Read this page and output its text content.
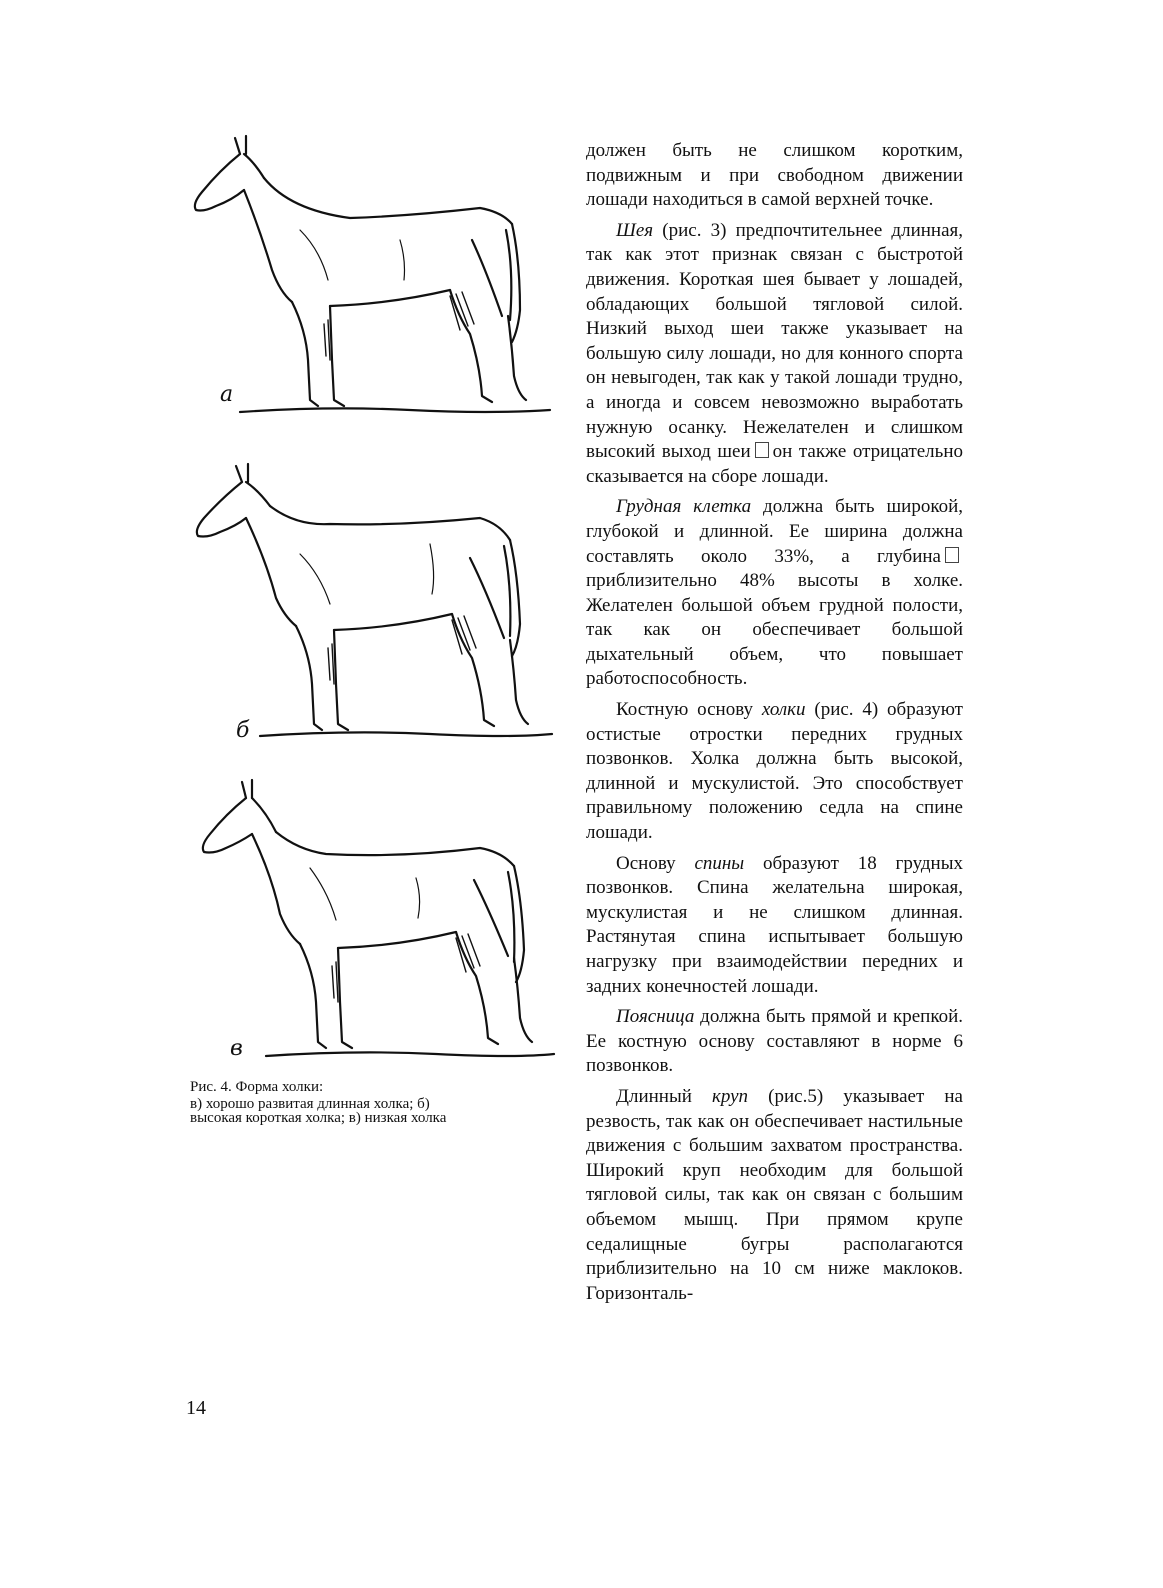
a
б
в
Рис. 4. Форма холки:
в) хорошо развитая длинная холка; б)
высокая короткая холка; в) низкая холка

должен быть не слишком коротким, подвижным и при свободном движении лошади находиться в самой верхней точке.

Шея (рис. 3) предпочтительнее длинная, так как этот признак связан с быстротой движения. Короткая шея бывает у лошадей, обладающих большой тягловой силой. Низкий выход шеи также указывает на большую силу лошади, но для конного спорта он невыгоден, так как у такой лошади трудно, а иногда и совсем невозможно выработать нужную осанку. Нежелателен и слишком высокий выход шеи он также отрицательно сказывается на сборе лошади.

Грудная клетка должна быть широкой, глубокой и длинной. Ее ширина должна составлять около 33%, а глубинаприблизительно 48% высоты в холке. Желателен большой объем грудной полости, так как он обеспечивает большой дыхательный объем, что повышает работоспособность.

Костную основу холки (рис. 4) образуют остистые отростки передних грудных позвонков. Холка должна быть высокой, длинной и мускулистой. Это способствует правильному положению седла на спине лошади.

Основу спины образуют 18 грудных позвонков. Спина желательна широкая, мускулистая и не слишком длинная. Растянутая спина испытывает большую нагрузку при взаимодействии передних и задних конечностей лошади.

Поясница должна быть прямой и крепкой. Ее костную основу составляют в норме 6 позвонков.

Длинный круп (рис.5) указывает на резвость, так как он обеспечивает настильные движения с большим захватом пространства. Широкий круп необходим для большой тягловой силы, так как он связан с большим объемом мышц. При прямом крупе седалищные бугры располагаются приблизительно на 10 см ниже маклоков. Горизонталь-

14
